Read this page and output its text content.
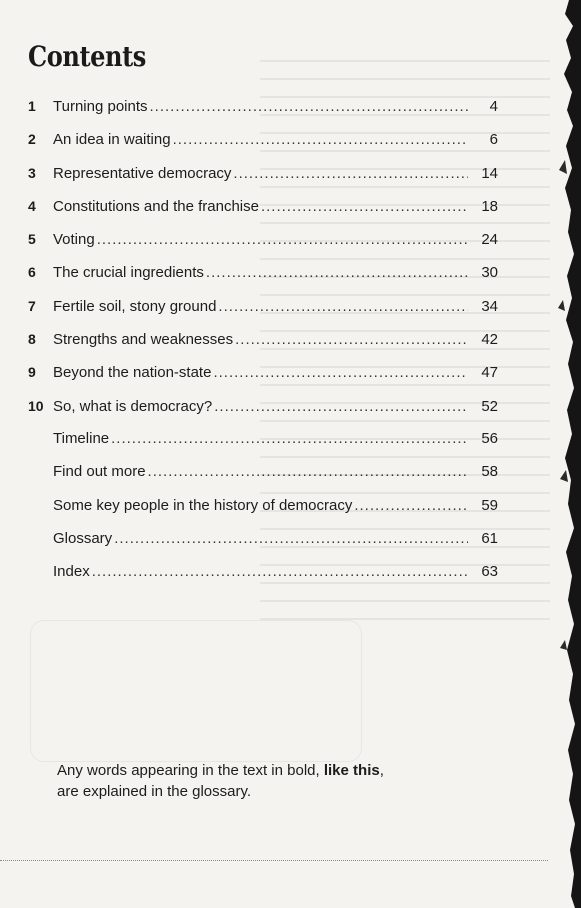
Contents
1	Turning points .....	4
2	An idea in waiting .....	6
3	Representative democracy .....	14
4	Constitutions and the franchise .....	18
5	Voting .....	24
6	The crucial ingredients .....	30
7	Fertile soil, stony ground .....	34
8	Strengths and weaknesses .....	42
9	Beyond the nation-state .....	47
10 So, what is democracy? .....	52
Timeline .....	56
Find out more .....	58
Some key people in the history of democracy .....	59
Glossary .....	61
Index .....	63

Any words appearing in the text in bold, like this,
are explained in the glossary.
